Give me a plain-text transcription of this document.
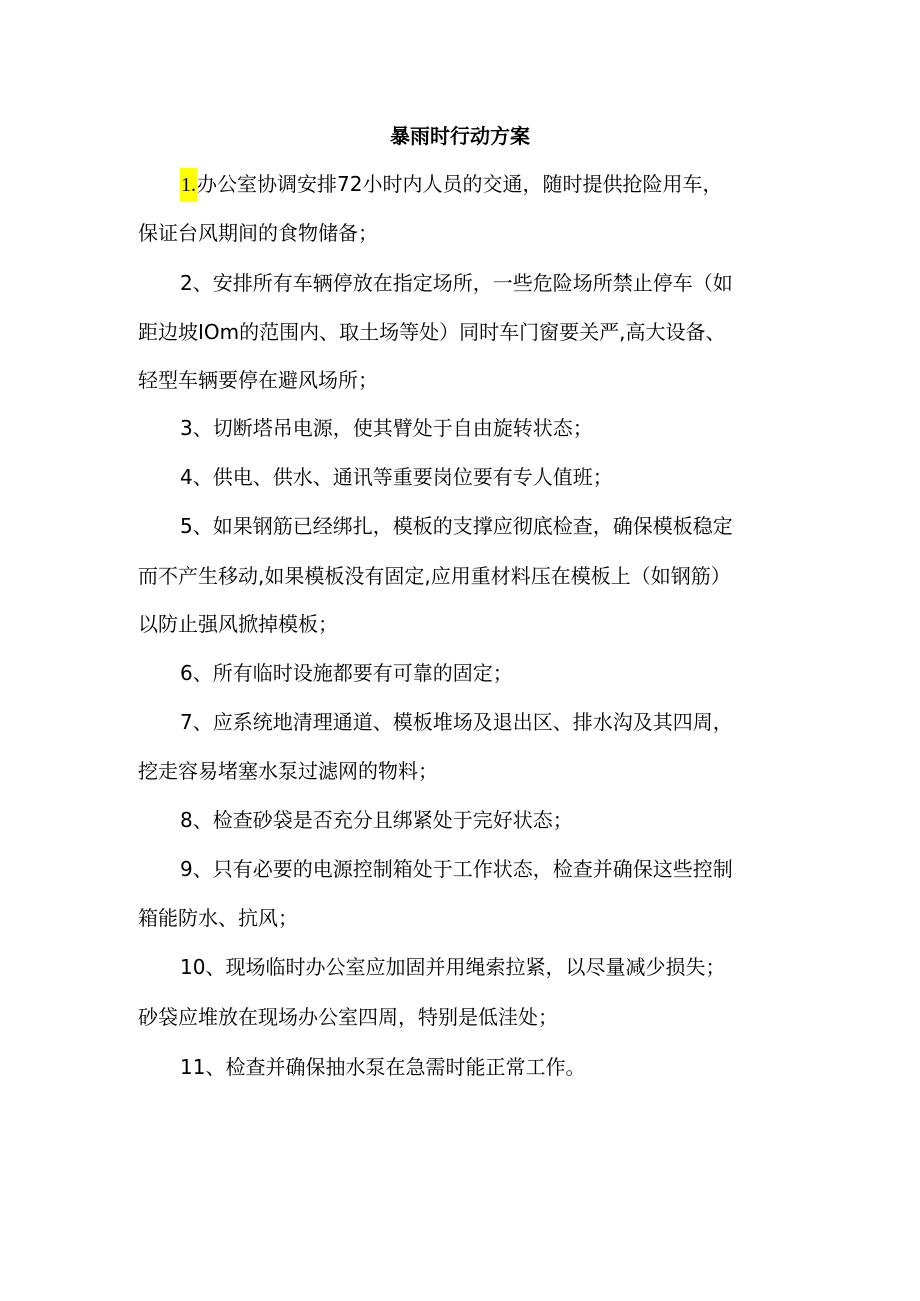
暴雨时行动方案

1.办公室协调安排72小时内人员的交通，随时提供抢险用车，

保证台风期间的食物储备；

2、安排所有车辆停放在指定场所，一些危险场所禁止停车（如

距边坡IOm的范围内、取土场等处）同时车门窗要关严,高大设备、

轻型车辆要停在避风场所；

3、切断塔吊电源，使其臂处于自由旋转状态；

4、供电、供水、通讯等重要岗位要有专人值班；

5、如果钢筋已经绑扎，模板的支撑应彻底检查，确保模板稳定

而不产生移动,如果模板没有固定,应用重材料压在模板上（如钢筋）

以防止强风掀掉模板；

6、所有临时设施都要有可靠的固定；

7、应系统地清理通道、模板堆场及退出区、排水沟及其四周，

挖走容易堵塞水泵过滤网的物料；

8、检查砂袋是否充分且绑紧处于完好状态；

9、只有必要的电源控制箱处于工作状态，检查并确保这些控制

箱能防水、抗风；

10、现场临时办公室应加固并用绳索拉紧，以尽量减少损失；

砂袋应堆放在现场办公室四周，特别是低洼处；

11、检查并确保抽水泵在急需时能正常工作。
